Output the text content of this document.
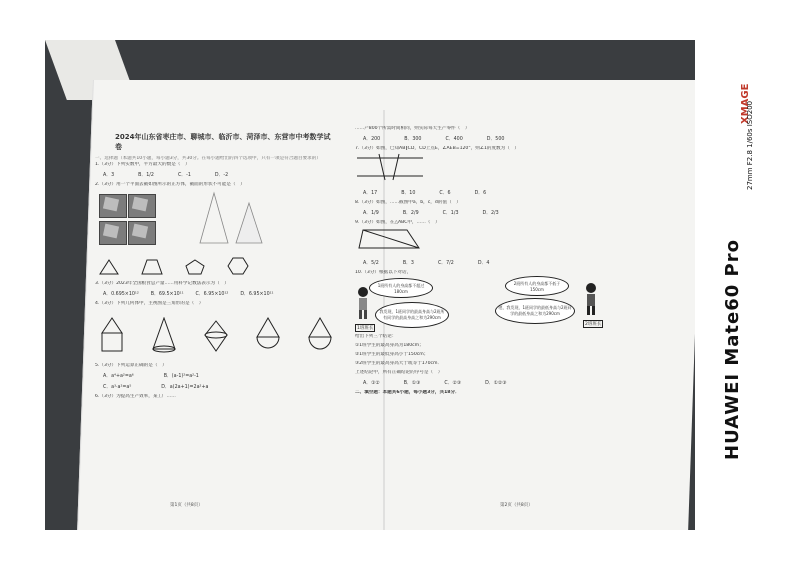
2024年山东省枣庄市、聊城市、临沂市、菏泽市、东营市中考数学试卷
一、选择题（本题共10小题，每小题3分，共30分。在每小题给出的四个选项中，只有一项是符合题目要求的）
1.（3分）下列实数中，平方最大的数是（　）
A．3	B．1/2	C．-1	D．-2
2.（3分）用一个平面去截如图所示的正方体，截面的形状不可能是（　）
3.（3分）2023年全国粮食总产量……用科学记数法表示为（　）
A．0.695×10¹²	B．69.5×10¹¹	C．6.95×10¹²	D．6.95×10¹¹
4.（3分）下列几何体中，主视图是三角形的是（　）
5.（3分）下列运算正确的是（　）
A．a⁴+a²=a⁶	B．(a-1)²=a²-1
C．a³·a²=a⁵	D．a(2a+1)=2a²+a
6.（3分）为提高生产效率，某工厂……
……产800个所需时间相同，则实际每天生产零件（　）
A．200	B．300	C．400	D．500
7.（3分）如图，已知AB∥CD，CD上点E，∠AEB=120°，则∠1的度数为（　）
A．17	B．10	C．6	D．6
8.（3分）如图，……截图中a，b，c，d的值（　）
A．1/9	B．2/9	C．1/3	D．2/3
9.（3分）如图，在△ABC中，……（　）
A．5/2	B．3	C．7/2	D．4
10.（3分）根据以下对话，
1班所有人的身高都不超过180cm
我发现，1班同学的最高身高与2班所有同学的最高身高之和为290cm
2班所有人的身高都不低于150cm
嗯，我发现，1班同学的最低身高与2班同学的最低身高之和为290cm
1班班长
2班班长
给出下列三个结论：
①1班学生的最高身高为180cm；
②1班学生的最低身高小于150cm；
③2班学生的最高身高大于或等于170cm．
上述结论中，所有正确结论的序号是（　）
A．①②	B．①③	C．②③	D．①②③
二、填空题：本题共6小题，每小题3分，共18分．
第1页（共8页）	第2页（共8页）
XMAGE
27mm F2.8 1/60s ISO200
HUAWEI Mate60 Pro
